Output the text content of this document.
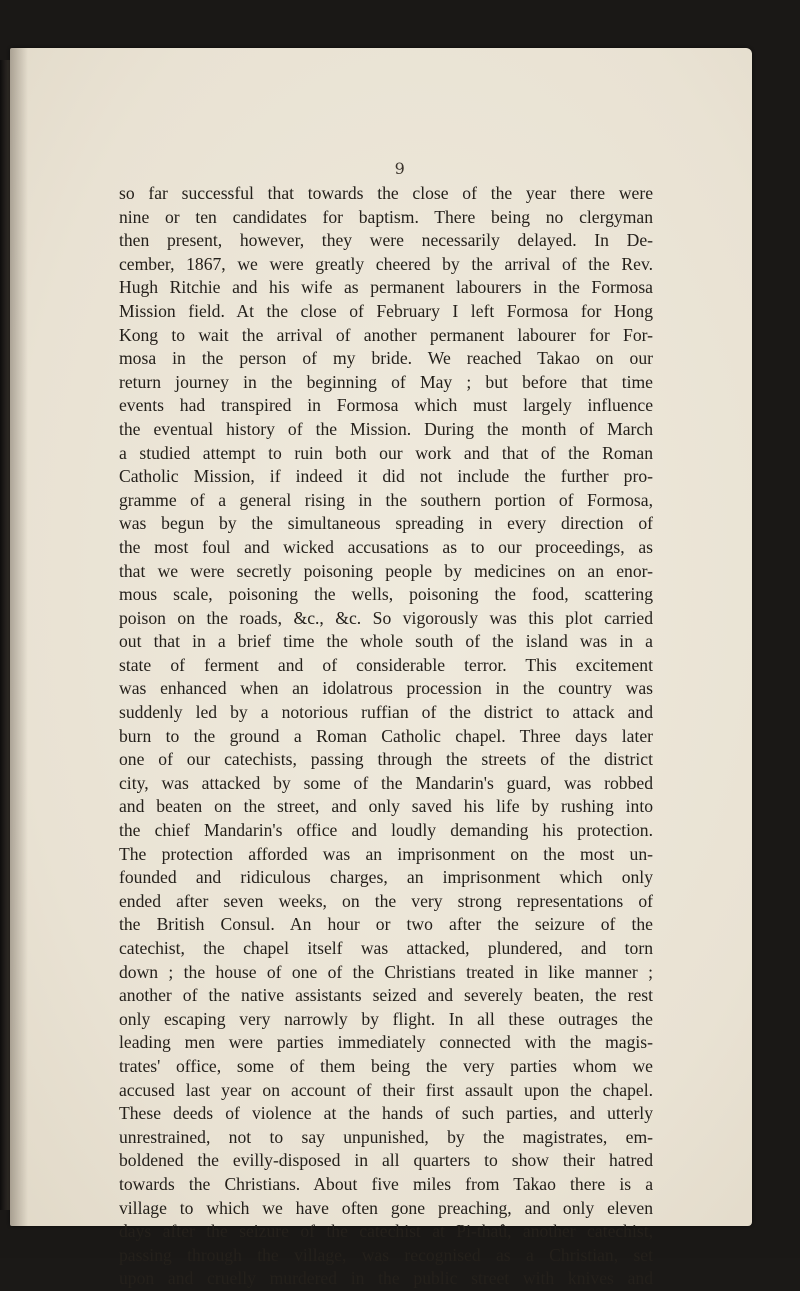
9
so far successful that towards the close of the year there were
nine or ten candidates for baptism. There being no clergyman
then present, however, they were necessarily delayed. In De-
cember, 1867, we were greatly cheered by the arrival of the Rev.
Hugh Ritchie and his wife as permanent labourers in the Formosa
Mission field. At the close of February I left Formosa for Hong
Kong to wait the arrival of another permanent labourer for For-
mosa in the person of my bride. We reached Takao on our
return journey in the beginning of May ; but before that time
events had transpired in Formosa which must largely influence
the eventual history of the Mission. During the month of March
a studied attempt to ruin both our work and that of the Roman
Catholic Mission, if indeed it did not include the further pro-
gramme of a general rising in the southern portion of Formosa,
was begun by the simultaneous spreading in every direction of
the most foul and wicked accusations as to our proceedings, as
that we were secretly poisoning people by medicines on an enor-
mous scale, poisoning the wells, poisoning the food, scattering
poison on the roads, &c., &c. So vigorously was this plot carried
out that in a brief time the whole south of the island was in a
state of ferment and of considerable terror. This excitement
was enhanced when an idolatrous procession in the country was
suddenly led by a notorious ruffian of the district to attack and
burn to the ground a Roman Catholic chapel. Three days later
one of our catechists, passing through the streets of the district
city, was attacked by some of the Mandarin's guard, was robbed
and beaten on the street, and only saved his life by rushing into
the chief Mandarin's office and loudly demanding his protection.
The protection afforded was an imprisonment on the most un-
founded and ridiculous charges, an imprisonment which only
ended after seven weeks, on the very strong representations of
the British Consul. An hour or two after the seizure of the
catechist, the chapel itself was attacked, plundered, and torn
down ; the house of one of the Christians treated in like manner ;
another of the native assistants seized and severely beaten, the rest
only escaping very narrowly by flight. In all these outrages the
leading men were parties immediately connected with the magis-
trates' office, some of them being the very parties whom we
accused last year on account of their first assault upon the chapel.
These deeds of violence at the hands of such parties, and utterly
unrestrained, not to say unpunished, by the magistrates, em-
boldened the evilly-disposed in all quarters to show their hatred
towards the Christians. About five miles from Takao there is a
village to which we have often gone preaching, and only eleven
days after the seizure of the catechist at Pi-thaû, another catechist,
passing through the village, was recognised as a Christian, set
upon and cruelly murdered in the public street with knives and
